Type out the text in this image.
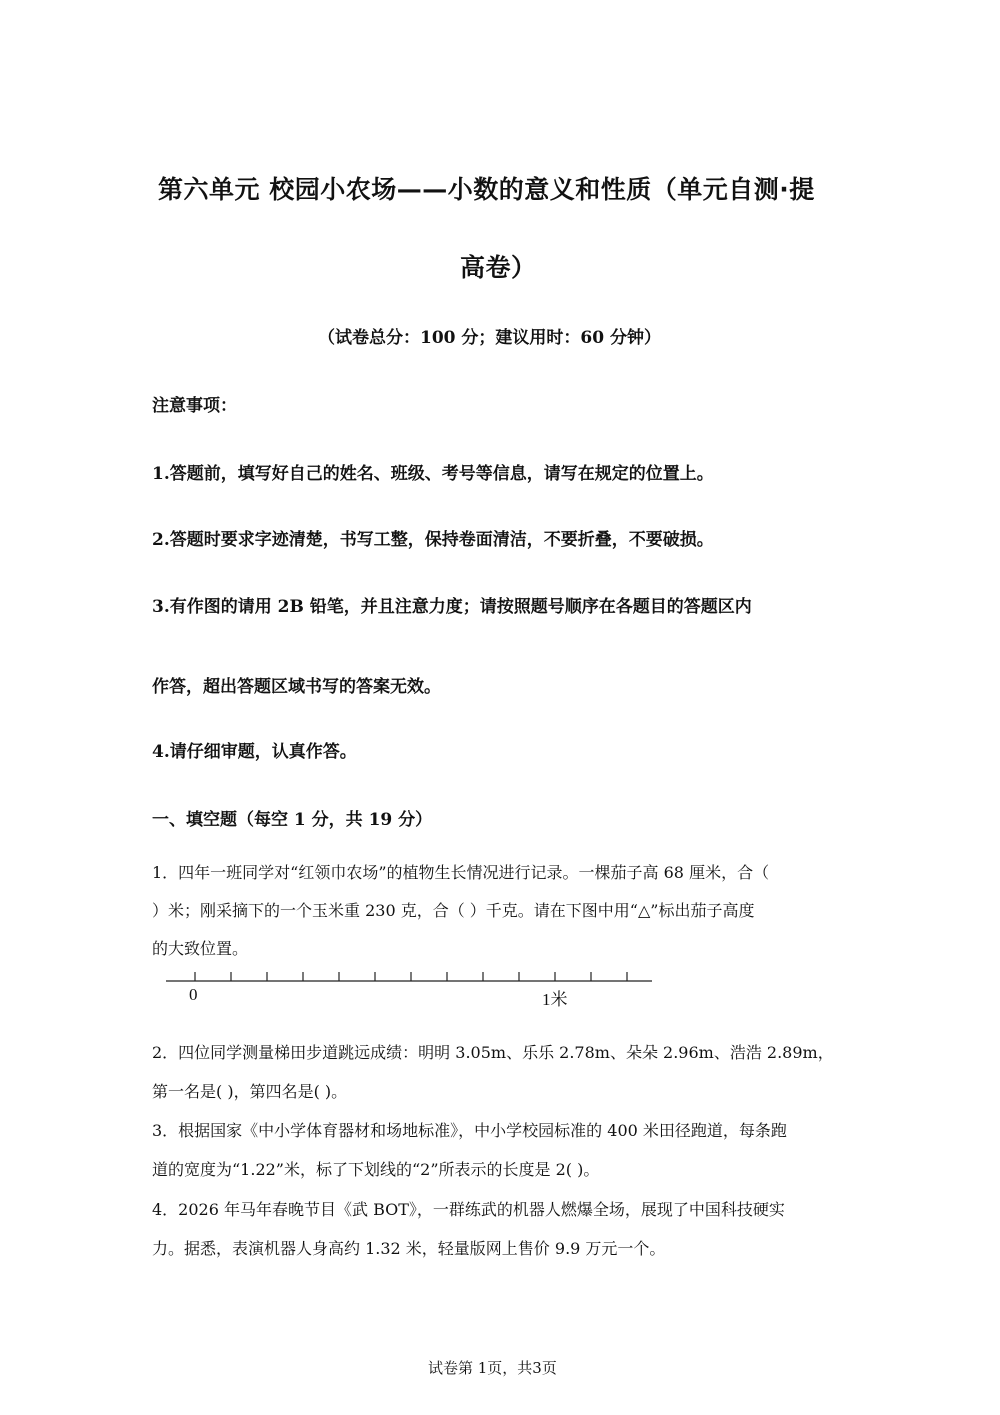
第六单元 校园小农场——小数的意义和性质（单元自测·提
高卷）
（试卷总分：100 分；建议用时：60 分钟）
注意事项：
1.答题前，填写好自己的姓名、班级、考号等信息，请写在规定的位置上。
2.答题时要求字迹清楚，书写工整，保持卷面清洁，不要折叠，不要破损。
3.有作图的请用 2B 铅笔，并且注意力度；请按照题号顺序在各题目的答题区内
作答，超出答题区域书写的答案无效。
4.请仔细审题，认真作答。
一、填空题（每空 1 分，共 19 分）
1．四年一班同学对“红领巾农场”的植物生长情况进行记录。一棵茄子高 68 厘米，合（
）米；刚采摘下的一个玉米重 230 克，合（ ）千克。请在下图中用“△”标出茄子高度
的大致位置。
0	1米
2．四位同学测量梯田步道跳远成绩：明明 3.05m、乐乐 2.78m、朵朵 2.96m、浩浩 2.89m，
第一名是( )，第四名是( )。
3．根据国家《中小学体育器材和场地标准》，中小学校园标准的 400 米田径跑道，每条跑
道的宽度为“1.22”米，标了下划线的“2”所表示的长度是 2( )。
4．2026 年马年春晚节目《武 BOT》，一群练武的机器人燃爆全场，展现了中国科技硬实
力。据悉，表演机器人身高约 1.32 米，轻量版网上售价 9.9 万元一个。
试卷第 1页，共3页
